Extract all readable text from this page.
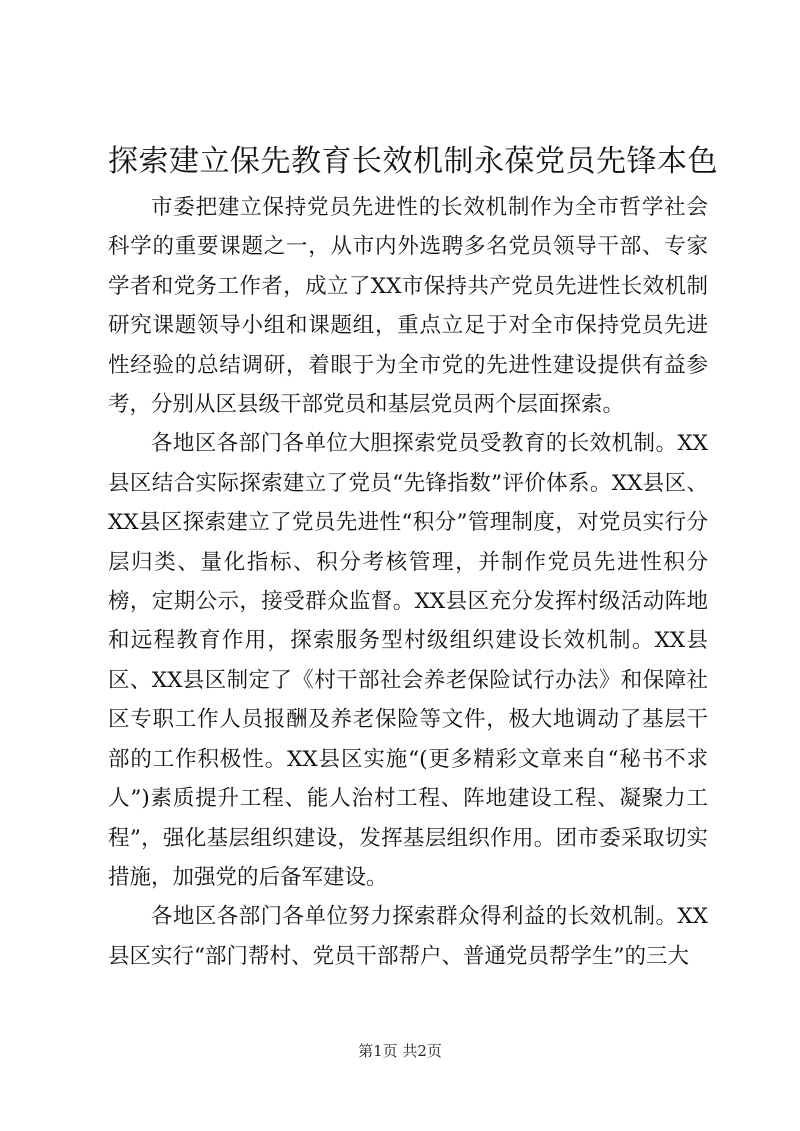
探索建立保先教育长效机制永葆党员先锋本色

市委把建立保持党员先进性的长效机制作为全市哲学社会科学的重要课题之一，从市内外选聘多名党员领导干部、专家学者和党务工作者，成立了XX市保持共产党员先进性长效机制研究课题领导小组和课题组，重点立足于对全市保持党员先进性经验的总结调研，着眼于为全市党的先进性建设提供有益参考，分别从区县级干部党员和基层党员两个层面探索。

各地区各部门各单位大胆探索党员受教育的长效机制。XX县区结合实际探索建立了党员“先锋指数”评价体系。XX县区、XX县区探索建立了党员先进性“积分”管理制度，对党员实行分层归类、量化指标、积分考核管理，并制作党员先进性积分榜，定期公示，接受群众监督。XX县区充分发挥村级活动阵地和远程教育作用，探索服务型村级组织建设长效机制。XX县区、XX县区制定了《村干部社会养老保险试行办法》和保障社区专职工作人员报酬及养老保险等文件，极大地调动了基层干部的工作积极性。XX县区实施“(更多精彩文章来自“秘书不求人”)素质提升工程、能人治村工程、阵地建设工程、凝聚力工程”，强化基层组织建设，发挥基层组织作用。团市委采取切实措施，加强党的后备军建设。

各地区各部门各单位努力探索群众得利益的长效机制。XX县区实行“部门帮村、党员干部帮户、普通党员帮学生”的三大

第1页 共2页
